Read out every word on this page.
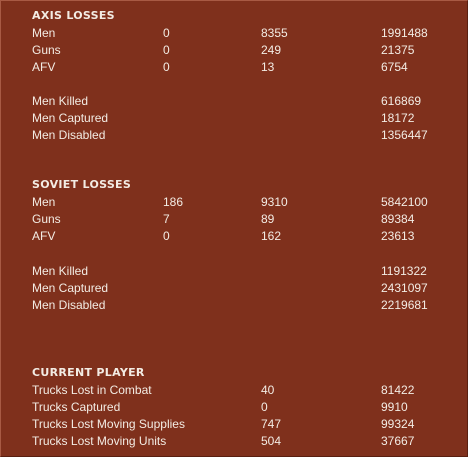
AXIS LOSSES
Men	0	8355	1991488
Guns	0	249	21375
AFV	0	13	6754
Men Killed	616869
Men Captured	18172
Men Disabled	1356447
SOVIET LOSSES
Men	186	9310	5842100
Guns	7	89	89384
AFV	0	162	23613
Men Killed	1191322
Men Captured	2431097
Men Disabled	2219681
CURRENT PLAYER
Trucks Lost in Combat	40	81422
Trucks Captured	0	9910
Trucks Lost Moving Supplies	747	99324
Trucks Lost Moving Units	504	37667
